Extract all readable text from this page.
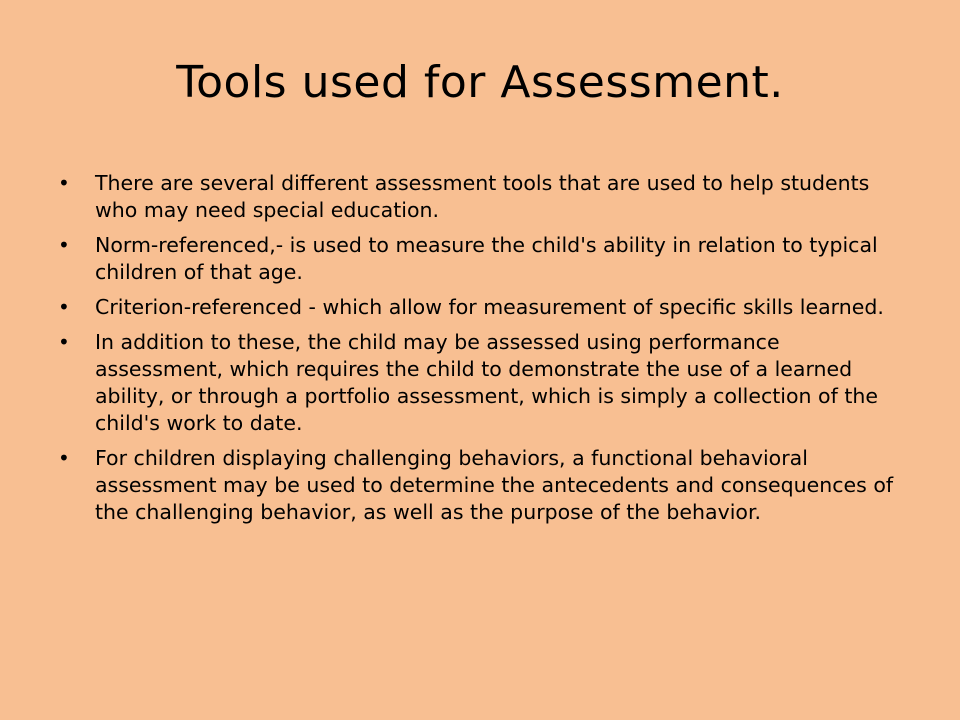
Tools used for Assessment.
• There are several different assessment tools that are used to help students who may need special education.
• Norm-referenced,- is used to measure the child's ability in relation to typical children of that age.
• Criterion-referenced - which allow for measurement of specific skills learned.
• In addition to these, the child may be assessed using performance assessment, which requires the child to demonstrate the use of a learned ability, or through a portfolio assessment, which is simply a collection of the child's work to date.
• For children displaying challenging behaviors, a functional behavioral assessment may be used to determine the antecedents and consequences of the challenging behavior, as well as the purpose of the behavior.
